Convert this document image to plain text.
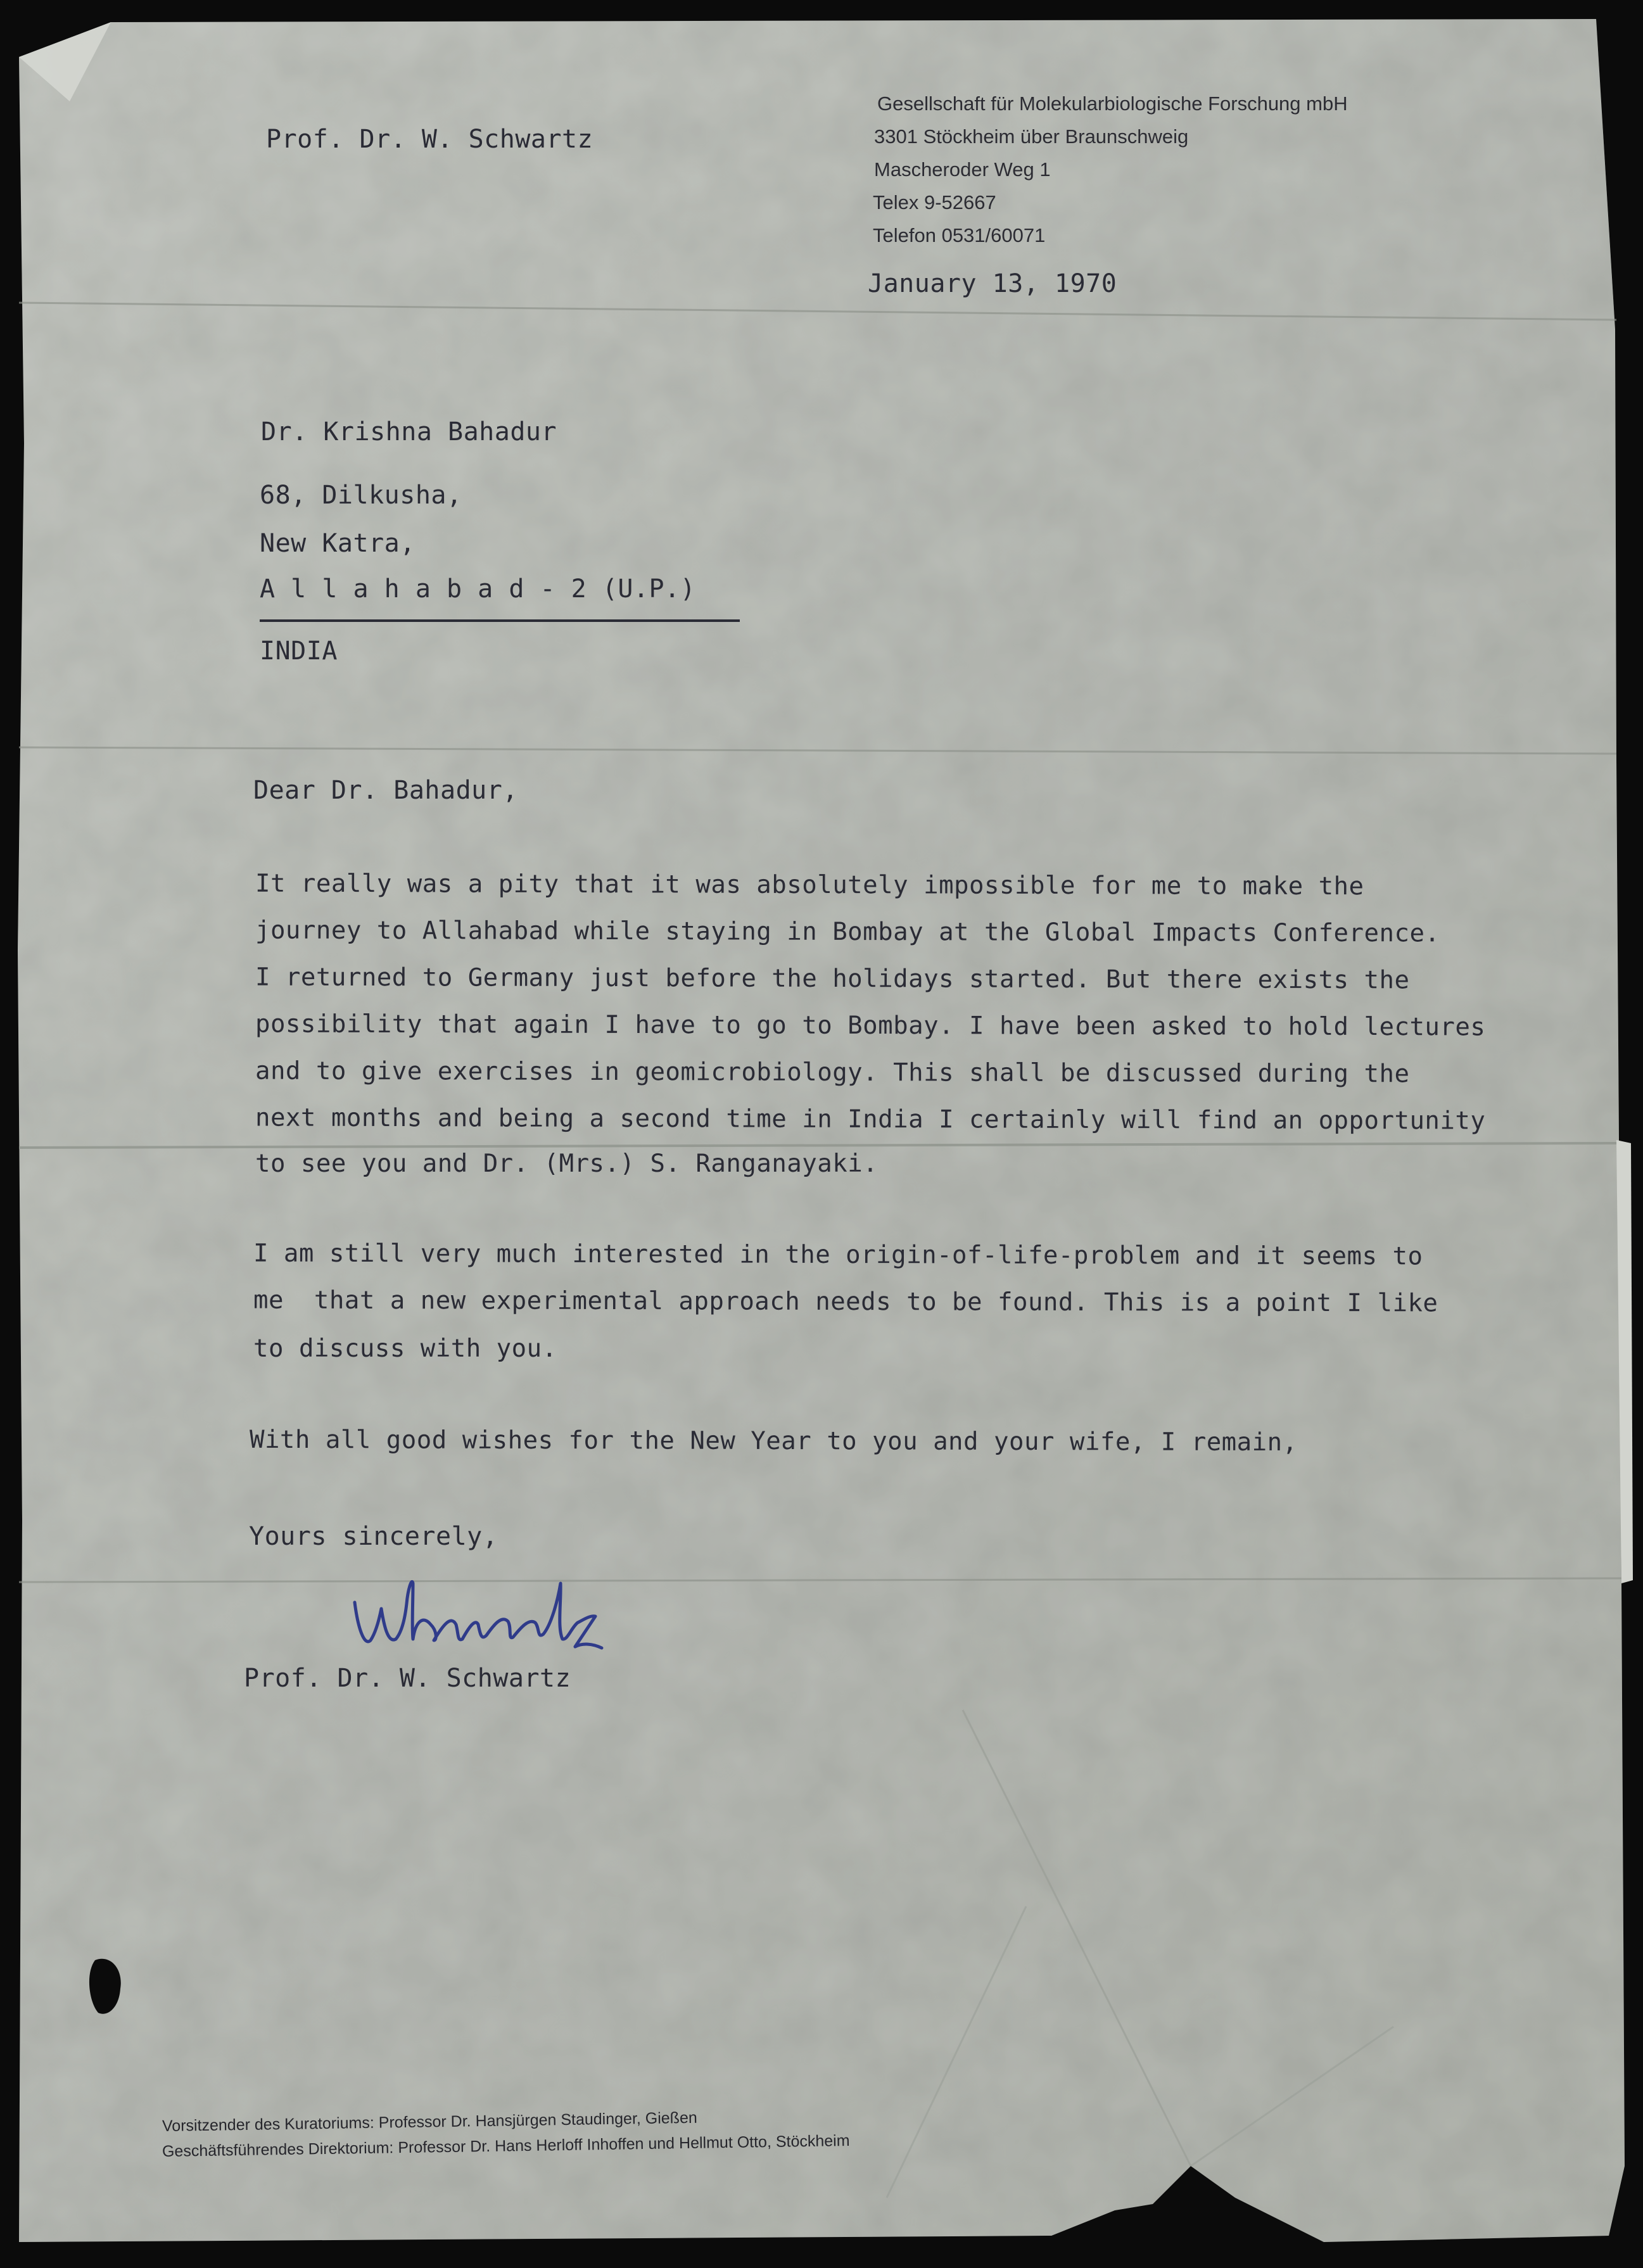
Prof. Dr. W. Schwartz
Gesellschaft für Molekularbiologische Forschung mbH
3301 Stöckheim über Braunschweig
Mascheroder Weg 1
Telex 9-52667
Telefon 0531/60071
January 13, 1970
Dr. Krishna Bahadur
68, Dilkusha,
New Katra,
A l l a h a b a d - 2 (U.P.)
INDIA
Dear Dr. Bahadur,
It really was a pity that it was absolutely impossible for me to make the
journey to Allahabad while staying in Bombay at the Global Impacts Conference.
I returned to Germany just before the holidays started. But there exists the
possibility that again I have to go to Bombay. I have been asked to hold lectures
and to give exercises in geomicrobiology. This shall be discussed during the
next months and being a second time in India I certainly will find an opportunity
to see you and Dr. (Mrs.) S. Ranganayaki.
I am still very much interested in the origin-of-life-problem and it seems to
me  that a new experimental approach needs to be found. This is a point I like
to discuss with you.
With all good wishes for the New Year to you and your wife, I remain,
Yours sincerely,
Prof. Dr. W. Schwartz
Vorsitzender des Kuratoriums: Professor Dr. Hansjürgen Staudinger, Gießen
Geschäftsführendes Direktorium: Professor Dr. Hans Herloff Inhoffen und Hellmut Otto, Stöckheim
